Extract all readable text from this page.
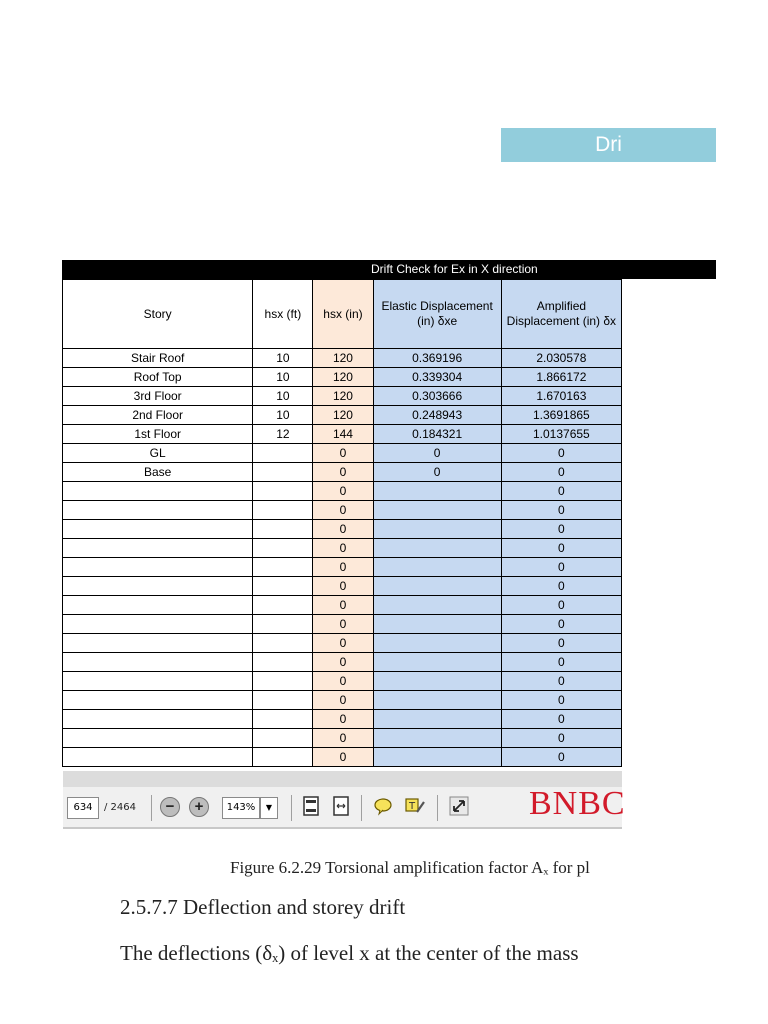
Dri
Drift Check for Ex in X direction
Story	hsx (ft)	hsx (in)	Elastic Displacement (in) δxe	Amplified Displacement (in) δx
Stair Roof	10	120	0.369196	2.030578
Roof Top	10	120	0.339304	1.866172
3rd Floor	10	120	0.303666	1.670163
2nd Floor	10	120	0.248943	1.3691865
1st Floor	12	144	0.184321	1.0137655
GL		0	0	0
Base		0	0	0
		0		0
		0		0
		0		0
		0		0
		0		0
		0		0
		0		0
		0		0
		0		0
		0		0
		0		0
		0		0
		0		0
		0		0
		0		0
634	/ 2464	−	+	143%	▼	T	BNBC
Figure 6.2.29 Torsional amplification factor Aₓ for pl
2.5.7.7 Deflection and storey drift
The deflections (δₓ) of level x at the center of the mass
